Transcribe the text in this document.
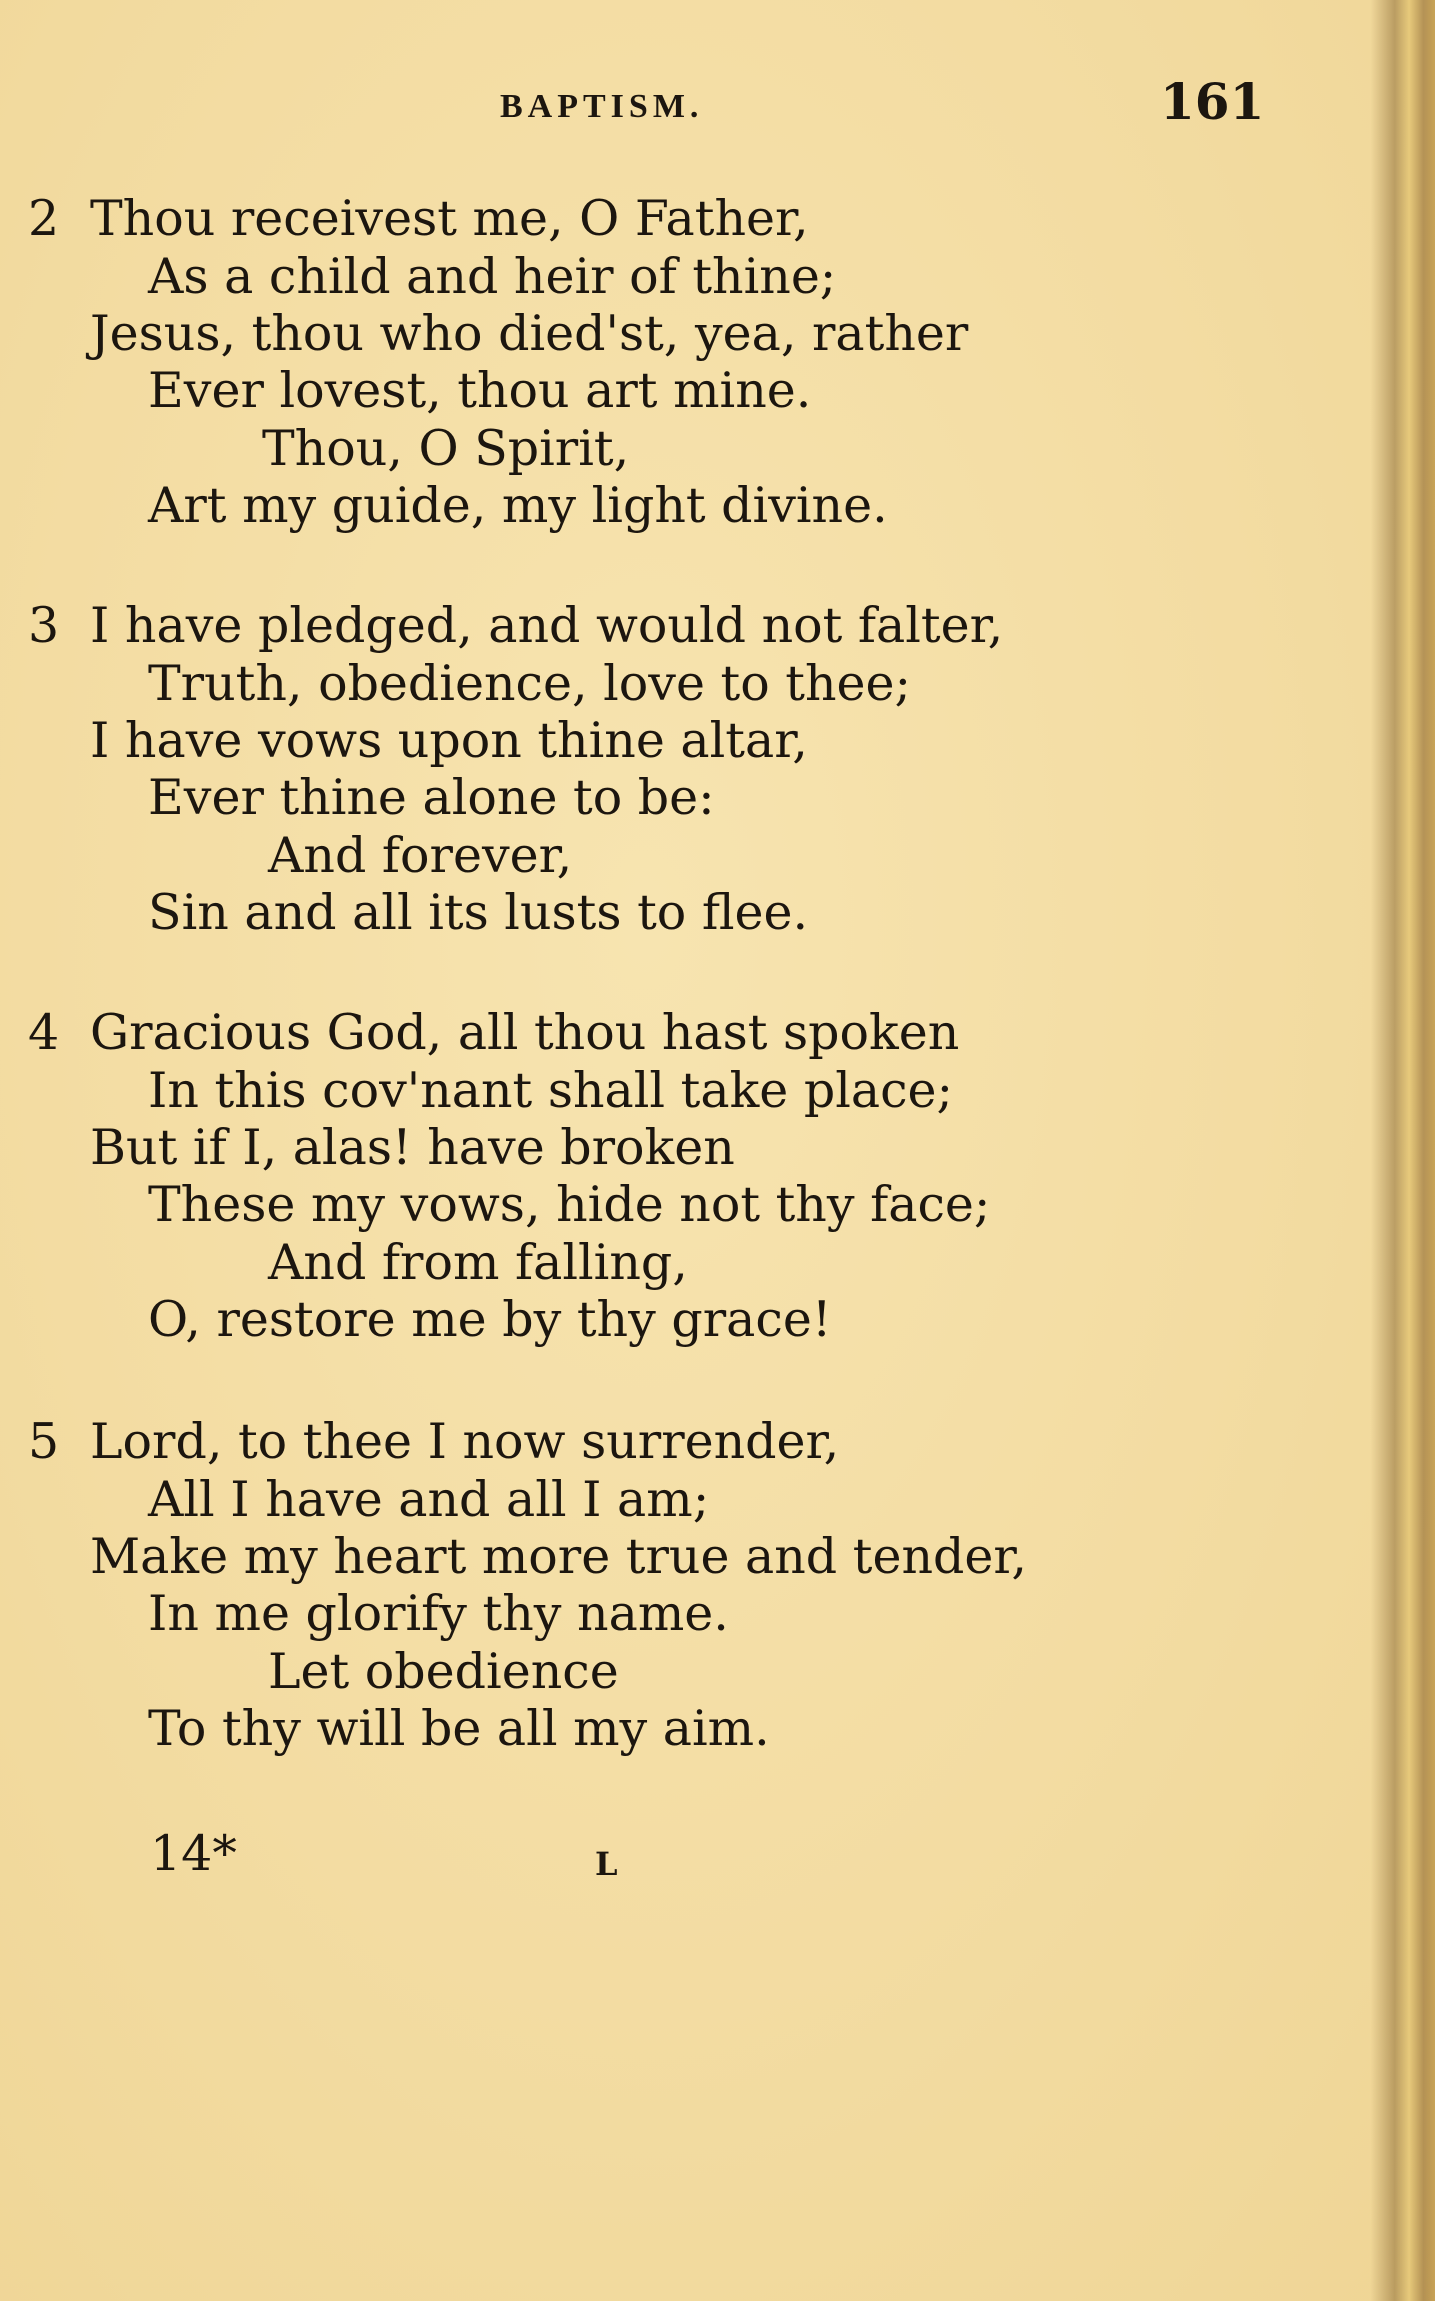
BAPTISM.	161
2 Thou receivest me, O Father,
As a child and heir of thine;
Jesus, thou who died'st, yea, rather
Ever lovest, thou art mine.
Thou, O Spirit,
Art my guide, my light divine.
3 I have pledged, and would not falter,
Truth, obedience, love to thee;
I have vows upon thine altar,
Ever thine alone to be:
And forever,
Sin and all its lusts to flee.
4 Gracious God, all thou hast spoken
In this cov'nant shall take place;
But if I, alas! have broken
These my vows, hide not thy face;
And from falling,
O, restore me by thy grace!
5 Lord, to thee I now surrender,
All I have and all I am;
Make my heart more true and tender,
In me glorify thy name.
Let obedience
To thy will be all my aim.
14*	L
